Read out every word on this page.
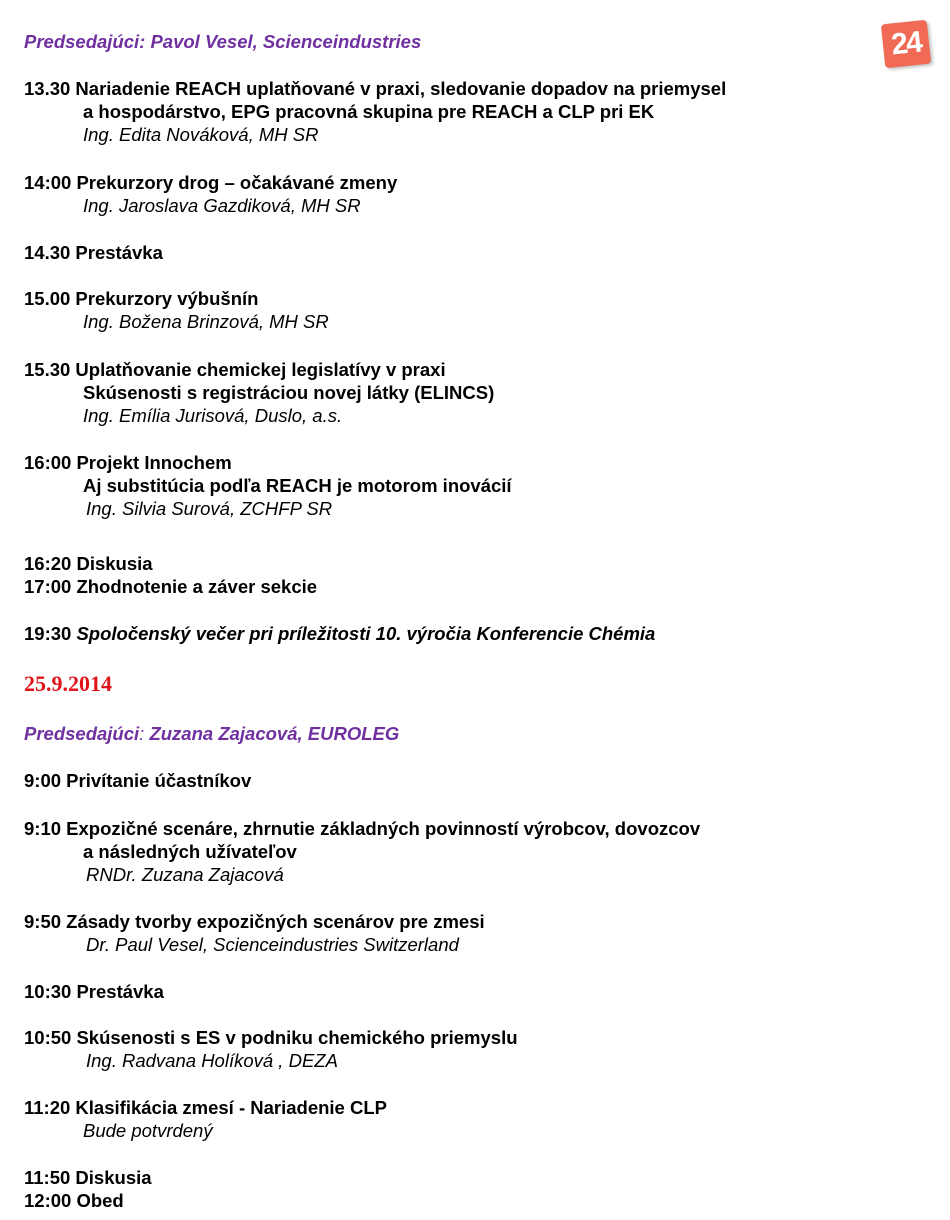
24
Predsedajúci: Pavol Vesel, Scienceindustries
13.30 Nariadenie REACH uplatňované v praxi, sledovanie dopadov na priemysel
a hospodárstvo, EPG pracovná skupina pre REACH a CLP pri EK
Ing. Edita Nováková, MH SR
14:00 Prekurzory drog – očakávané zmeny
Ing. Jaroslava Gazdiková, MH SR
14.30 Prestávka
15.00 Prekurzory výbušnín
Ing. Božena Brinzová, MH SR
15.30 Uplatňovanie chemickej legislatívy v praxi
Skúsenosti s registráciou novej látky (ELINCS)
Ing. Emília Jurisová, Duslo, a.s.
16:00 Projekt Innochem
Aj substitúcia podľa REACH je motorom inovácií
Ing. Silvia Surová, ZCHFP SR
16:20 Diskusia
17:00 Zhodnotenie a záver sekcie
19:30 Spoločenský večer pri príležitosti 10. výročia Konferencie Chémia
25.9.2014
Predsedajúci: Zuzana Zajacová, EUROLEG
9:00 Privítanie účastníkov
9:10 Expozičné scenáre, zhrnutie základných povinností výrobcov, dovozcov
a následných užívateľov
RNDr. Zuzana Zajacová
9:50 Zásady tvorby expozičných scenárov pre zmesi
Dr. Paul Vesel, Scienceindustries Switzerland
10:30 Prestávka
10:50 Skúsenosti s ES v podniku chemického priemyslu
Ing. Radvana Holíková , DEZA
11:20 Klasifikácia zmesí - Nariadenie CLP
Bude potvrdený
11:50 Diskusia
12:00 Obed
